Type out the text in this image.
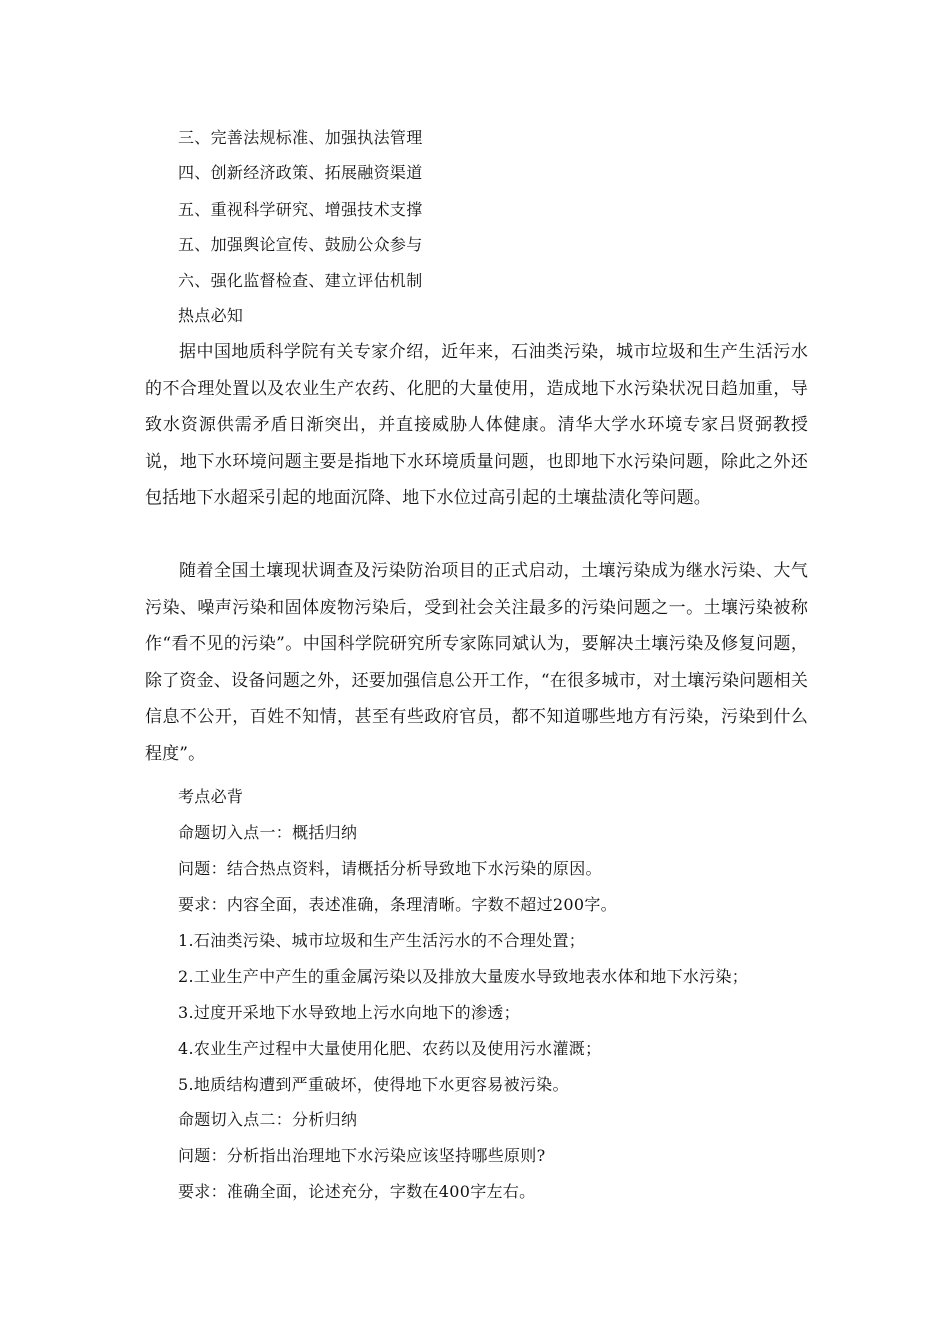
三、完善法规标准、加强执法管理
四、创新经济政策、拓展融资渠道
五、重视科学研究、增强技术支撑
五、加强舆论宣传、鼓励公众参与
六、强化监督检查、建立评估机制
热点必知

据中国地质科学院有关专家介绍，近年来，石油类污染，城市垃圾和生产生活污水的不合理处置以及农业生产农药、化肥的大量使用，造成地下水污染状况日趋加重，导致水资源供需矛盾日渐突出，并直接威胁人体健康。清华大学水环境专家吕贤弼教授说，地下水环境问题主要是指地下水环境质量问题，也即地下水污染问题，除此之外还包括地下水超采引起的地面沉降、地下水位过高引起的土壤盐渍化等问题。

随着全国土壤现状调查及污染防治项目的正式启动，土壤污染成为继水污染、大气污染、噪声污染和固体废物污染后，受到社会关注最多的污染问题之一。土壤污染被称作“看不见的污染”。中国科学院研究所专家陈同斌认为，要解决土壤污染及修复问题，除了资金、设备问题之外，还要加强信息公开工作，“在很多城市，对土壤污染问题相关信息不公开，百姓不知情，甚至有些政府官员，都不知道哪些地方有污染，污染到什么程度”。

考点必背
命题切入点一：概括归纳
问题：结合热点资料，请概括分析导致地下水污染的原因。
要求：内容全面，表述准确，条理清晰。字数不超过200字。
1.石油类污染、城市垃圾和生产生活污水的不合理处置；
2.工业生产中产生的重金属污染以及排放大量废水导致地表水体和地下水污染；
3.过度开采地下水导致地上污水向地下的渗透；
4.农业生产过程中大量使用化肥、农药以及使用污水灌溉；
5.地质结构遭到严重破坏，使得地下水更容易被污染。
命题切入点二：分析归纳
问题：分析指出治理地下水污染应该坚持哪些原则?
要求：准确全面，论述充分，字数在400字左右。
